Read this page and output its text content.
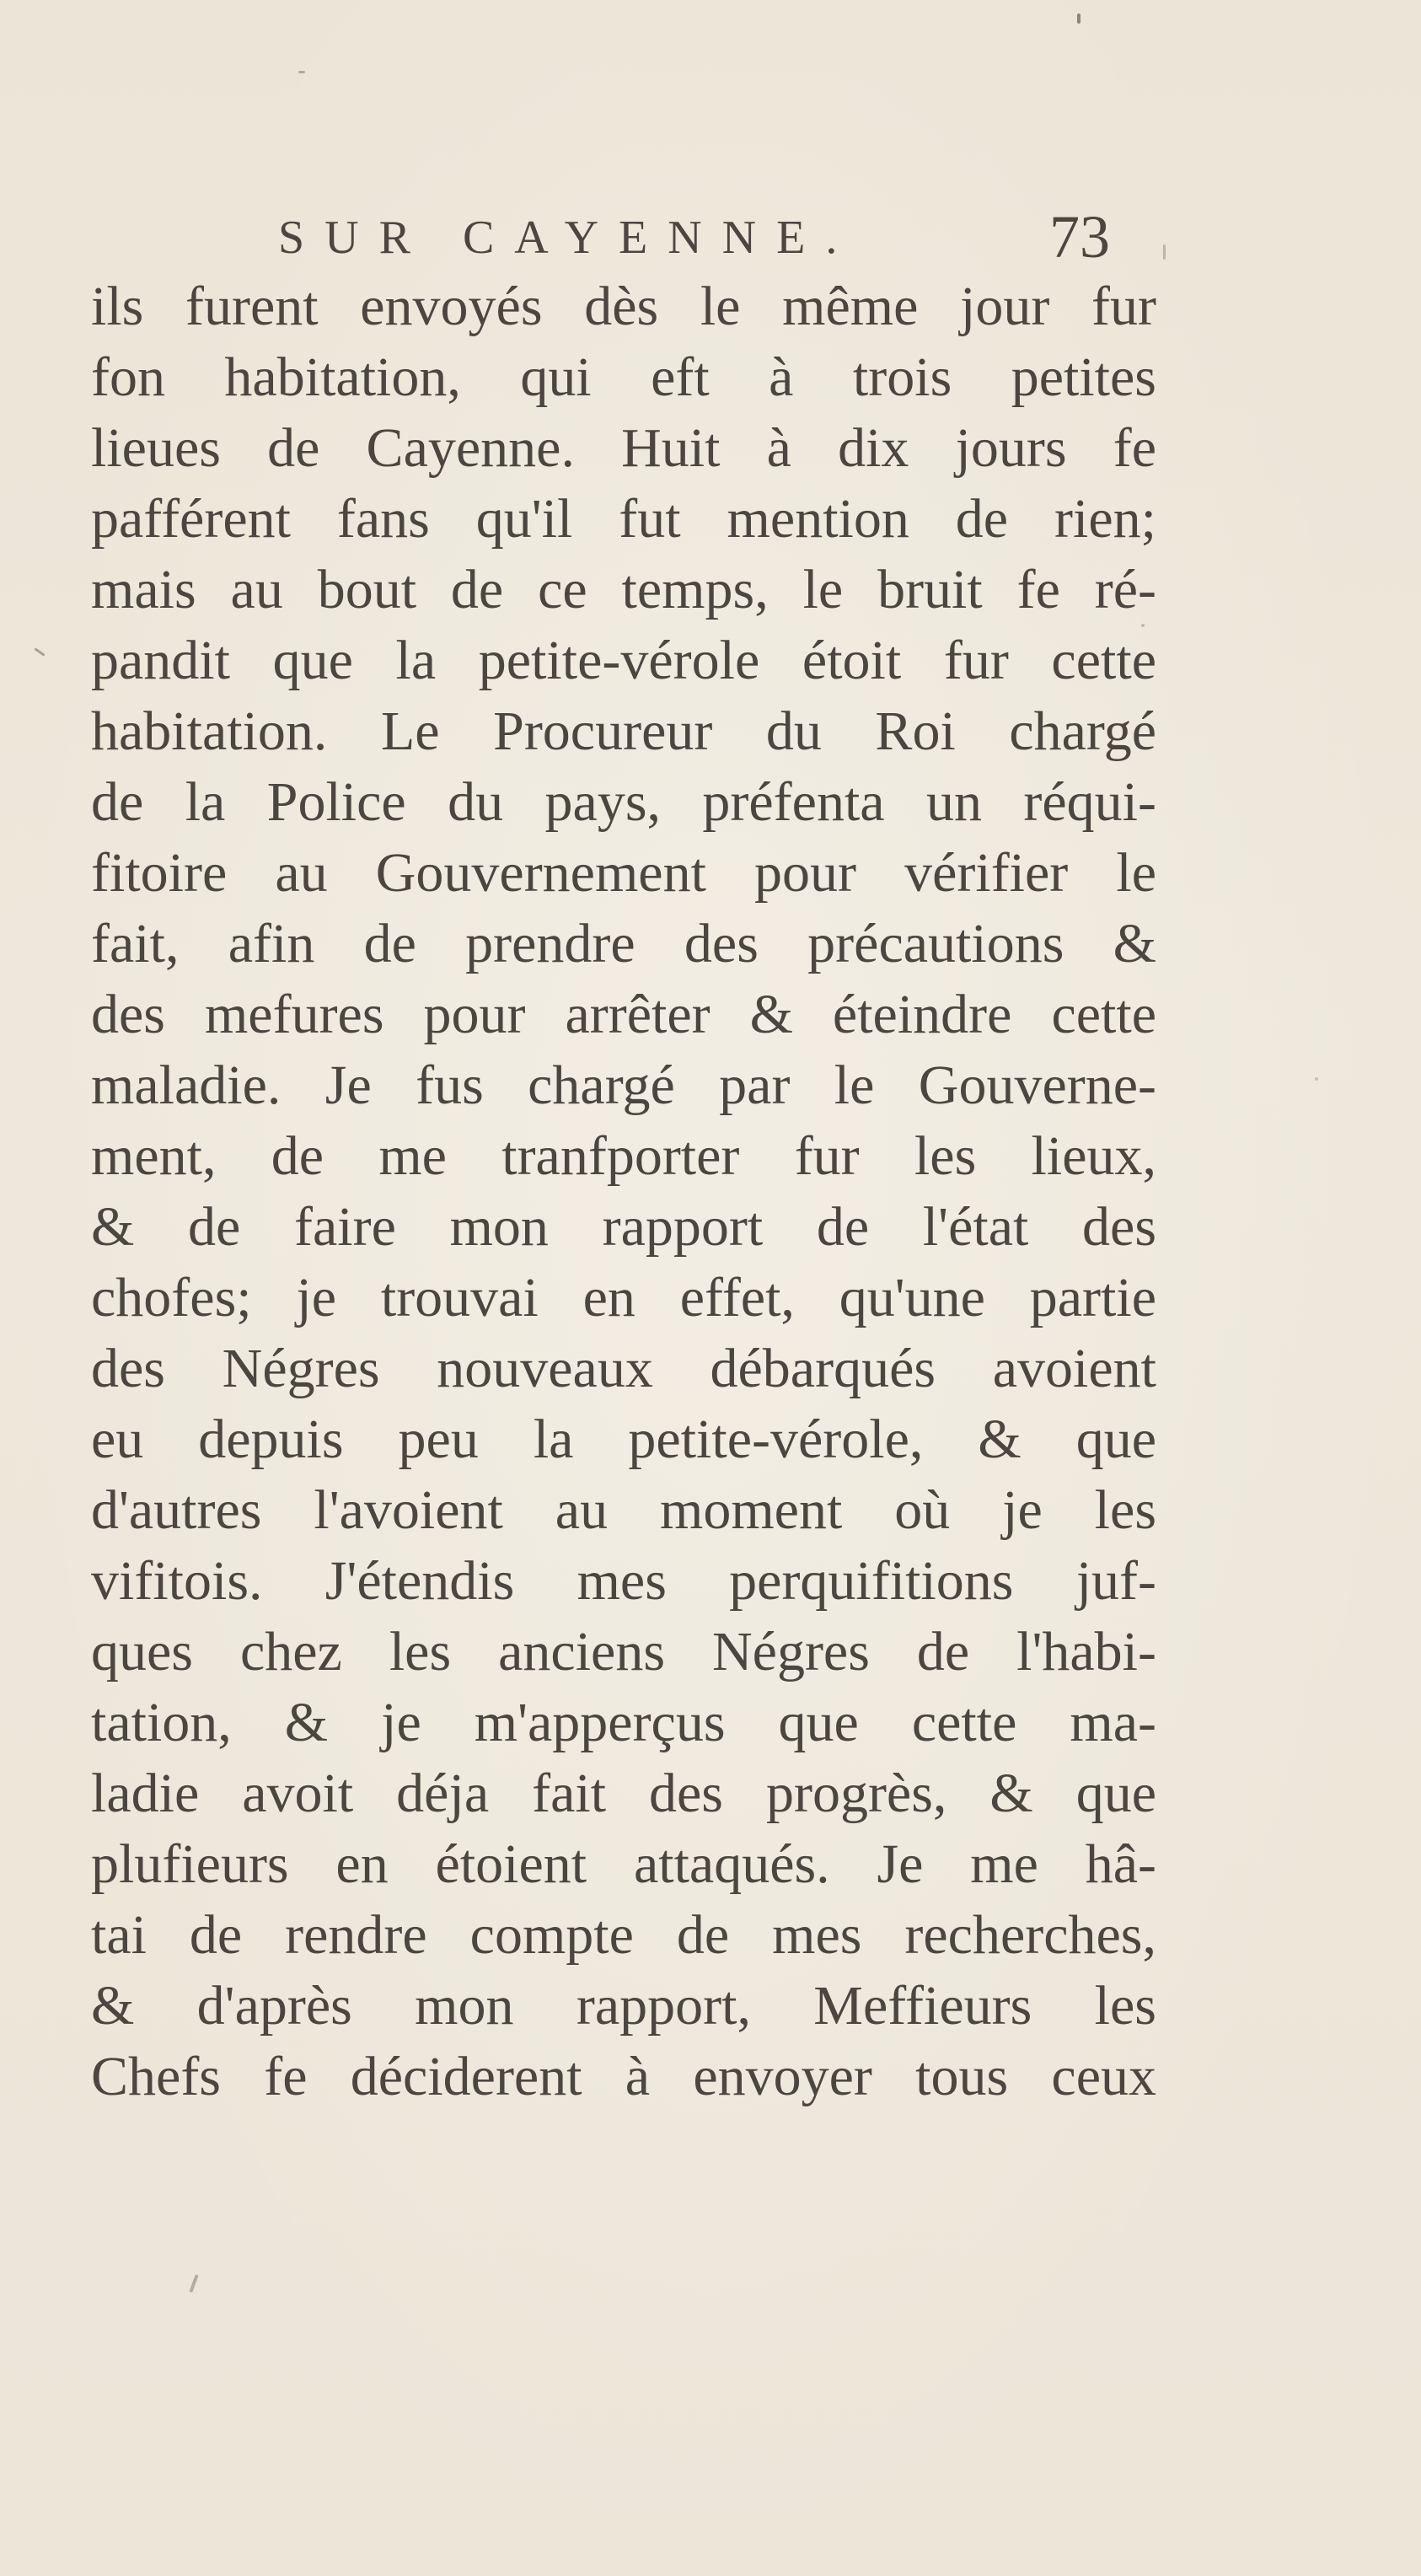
SUR CAYENNE.	73
ils furent envoyés dès le même jour fur
fon habitation, qui eft à trois petites
lieues de Cayenne. Huit à dix jours fe
pafférent fans qu'il fut mention de rien;
mais au bout de ce temps, le bruit fe ré-
pandit que la petite-vérole étoit fur cette
habitation. Le Procureur du Roi chargé
de la Police du pays, préfenta un réqui-
fitoire au Gouvernement pour vérifier le
fait, afin de prendre des précautions &
des mefures pour arrêter & éteindre cette
maladie. Je fus chargé par le Gouverne-
ment, de me tranfporter fur les lieux,
& de faire mon rapport de l'état des
chofes; je trouvai en effet, qu'une partie
des Négres nouveaux débarqués avoient
eu depuis peu la petite-vérole, & que
d'autres l'avoient au moment où je les
vifitois. J'étendis mes perquifitions juf-
ques chez les anciens Négres de l'habi-
tation, & je m'apperçus que cette ma-
ladie avoit déja fait des progrès, & que
plufieurs en étoient attaqués. Je me hâ-
tai de rendre compte de mes recherches,
& d'après mon rapport, Meffieurs les
Chefs fe déciderent à envoyer tous ceux
